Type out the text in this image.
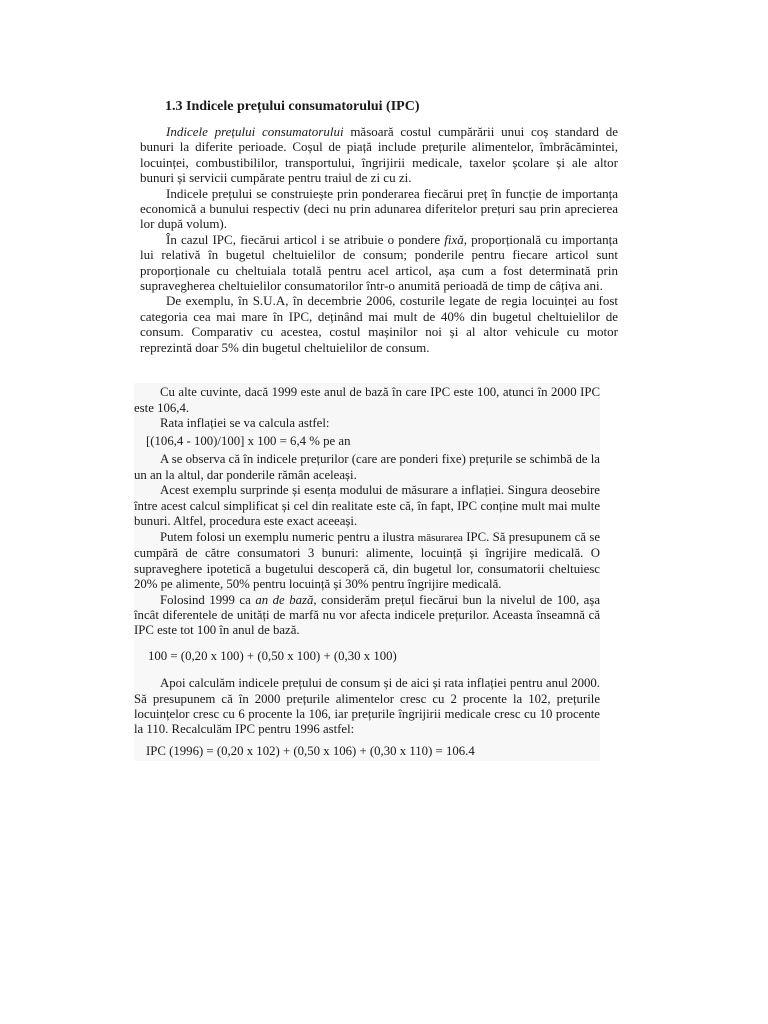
1.3 Indicele prețului consumatorului (IPC)

Indicele prețului consumatorului măsoară costul cumpărării unui coș standard de bunuri la diferite perioade. Coșul de piață include prețurile alimentelor, îmbrăcămintei, locuinței, combustibililor, transportului, îngrijirii medicale, taxelor școlare și ale altor bunuri și servicii cumpărate pentru traiul de zi cu zi.

Indicele prețului se construiește prin ponderarea fiecărui preț în funcție de importanța economică a bunului respectiv (deci nu prin adunarea diferitelor prețuri sau prin aprecierea lor după volum).

În cazul IPC, fiecărui articol i se atribuie o pondere fixă, proporțională cu importanța lui relativă în bugetul cheltuielilor de consum; ponderile pentru fiecare articol sunt proporționale cu cheltuiala totală pentru acel articol, așa cum a fost determinată prin supravegherea cheltuielilor consumatorilor într-o anumită perioadă de timp de câțiva ani.

De exemplu, în S.U.A, în decembrie 2006, costurile legate de regia locuinței au fost categoria cea mai mare în IPC, deținând mai mult de 40% din bugetul cheltuielilor de consum. Comparativ cu acestea, costul mașinilor noi și al altor vehicule cu motor reprezintă doar 5% din bugetul cheltuielilor de consum.

Cu alte cuvinte, dacă 1999 este anul de bază în care IPC este 100, atunci în 2000 IPC este 106,4.

Rata inflației se va calcula astfel:

[(106,4 - 100)/100] x 100 = 6,4 % pe an

A se observa că în indicele prețurilor (care are ponderi fixe) prețurile se schimbă de la un an la altul, dar ponderile rămân aceleași.

Acest exemplu surprinde și esența modului de măsurare a inflației. Singura deosebire între acest calcul simplificat și cel din realitate este că, în fapt, IPC conține mult mai multe bunuri. Altfel, procedura este exact aceeași.

Putem folosi un exemplu numeric pentru a ilustra măsurarea IPC. Să presupunem că se cumpără de către consumatori 3 bunuri: alimente, locuință și îngrijire medicală. O supraveghere ipotetică a bugetului descoperă că, din bugetul lor, consumatorii cheltuiesc 20% pe alimente, 50% pentru locuință și 30% pentru îngrijire medicală.

Folosind 1999 ca an de bază, considerăm prețul fiecărui bun la nivelul de 100, așa încât diferentele de unități de marfă nu vor afecta indicele prețurilor. Aceasta înseamnă că IPC este tot 100 în anul de bază.

100 = (0,20 x 100) + (0,50 x 100) + (0,30 x 100)

Apoi calculăm indicele prețului de consum și de aici și rata inflației pentru anul 2000. Să presupunem că în 2000 prețurile alimentelor cresc cu 2 procente la 102, prețurile locuințelor cresc cu 6 procente la 106, iar prețurile îngrijirii medicale cresc cu 10 procente la 110. Recalculăm IPC pentru 1996 astfel:

IPC (1996) = (0,20 x 102) + (0,50 x 106) + (0,30 x 110) = 106.4
